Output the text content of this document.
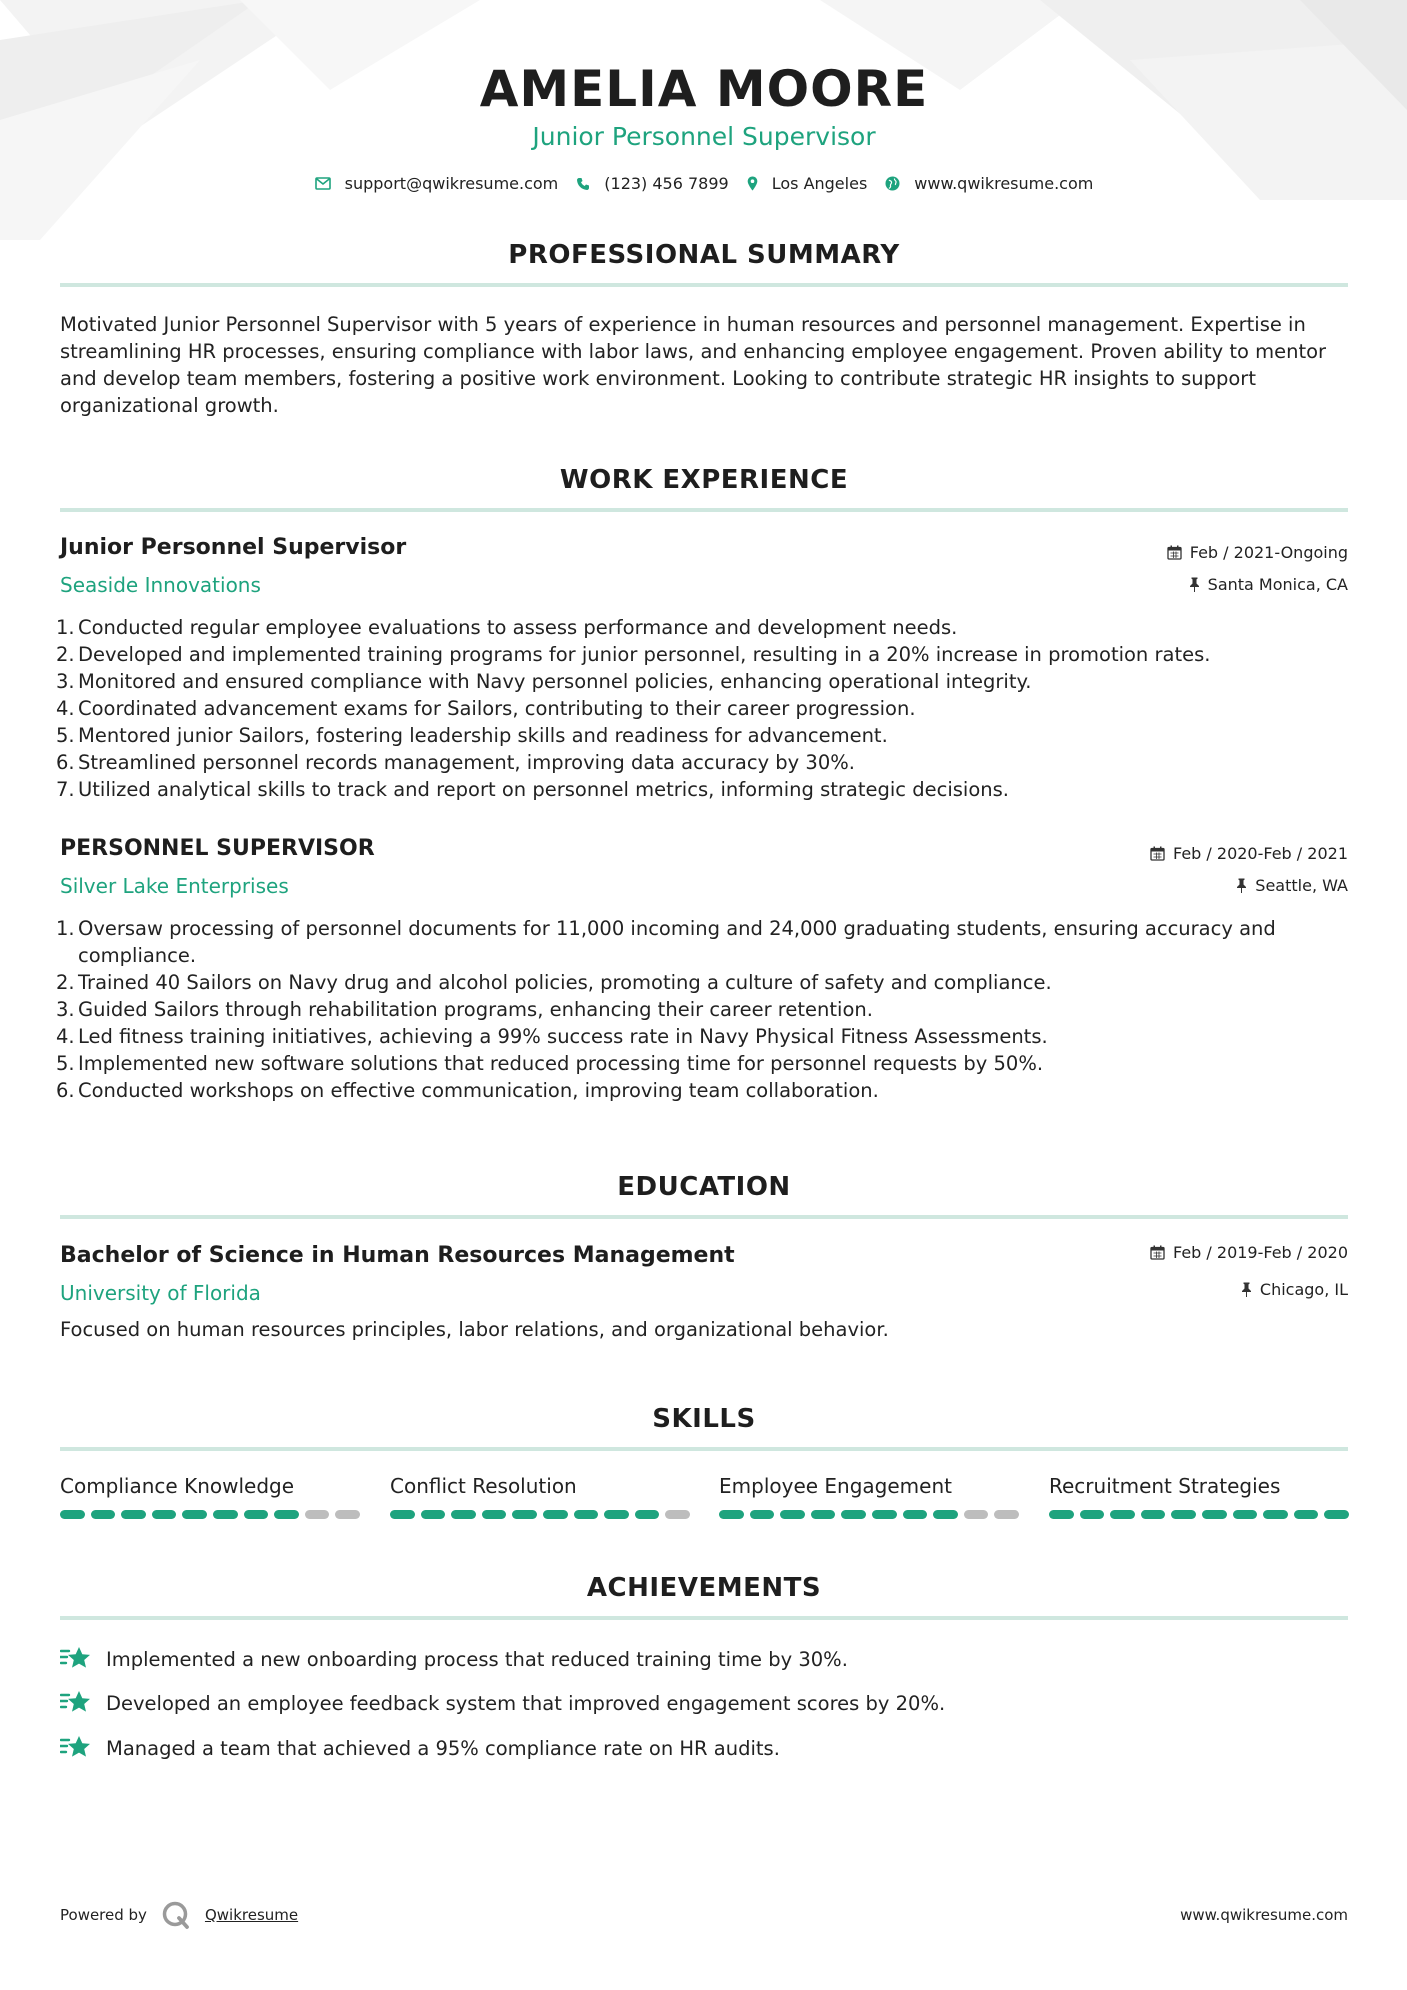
AMELIA MOORE
Junior Personnel Supervisor
support@qwikresume.com	(123) 456 7899	Los Angeles	www.qwikresume.com
PROFESSIONAL SUMMARY
Motivated Junior Personnel Supervisor with 5 years of experience in human resources and personnel management. Expertise in streamlining HR processes, ensuring compliance with labor laws, and enhancing employee engagement. Proven ability to mentor and develop team members, fostering a positive work environment. Looking to contribute strategic HR insights to support organizational growth.
WORK EXPERIENCE
Junior Personnel Supervisor	Feb / 2021-Ongoing
Seaside Innovations	Santa Monica, CA
1. Conducted regular employee evaluations to assess performance and development needs.
2. Developed and implemented training programs for junior personnel, resulting in a 20% increase in promotion rates.
3. Monitored and ensured compliance with Navy personnel policies, enhancing operational integrity.
4. Coordinated advancement exams for Sailors, contributing to their career progression.
5. Mentored junior Sailors, fostering leadership skills and readiness for advancement.
6. Streamlined personnel records management, improving data accuracy by 30%.
7. Utilized analytical skills to track and report on personnel metrics, informing strategic decisions.
PERSONNEL SUPERVISOR	Feb / 2020-Feb / 2021
Silver Lake Enterprises	Seattle, WA
1. Oversaw processing of personnel documents for 11,000 incoming and 24,000 graduating students, ensuring accuracy and compliance.
2. Trained 40 Sailors on Navy drug and alcohol policies, promoting a culture of safety and compliance.
3. Guided Sailors through rehabilitation programs, enhancing their career retention.
4. Led fitness training initiatives, achieving a 99% success rate in Navy Physical Fitness Assessments.
5. Implemented new software solutions that reduced processing time for personnel requests by 50%.
6. Conducted workshops on effective communication, improving team collaboration.
EDUCATION
Bachelor of Science in Human Resources Management	Feb / 2019-Feb / 2020
University of Florida	Chicago, IL
Focused on human resources principles, labor relations, and organizational behavior.
SKILLS
Compliance Knowledge	Conflict Resolution	Employee Engagement	Recruitment Strategies
ACHIEVEMENTS
Implemented a new onboarding process that reduced training time by 30%.
Developed an employee feedback system that improved engagement scores by 20%.
Managed a team that achieved a 95% compliance rate on HR audits.
Powered by	Qwikresume	www.qwikresume.com
